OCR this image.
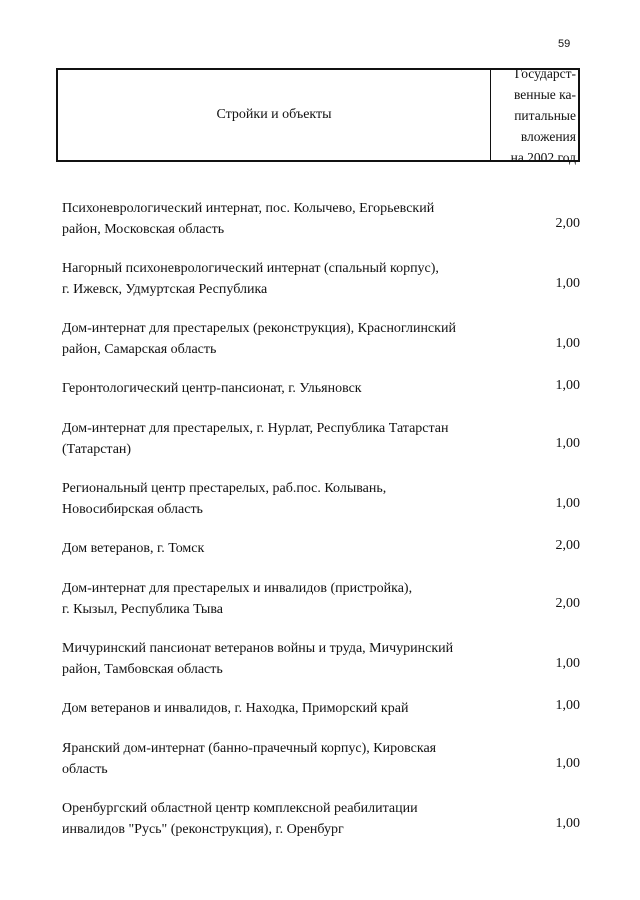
59
Стройки и объекты
Государст-
венные ка-
питальные
вложения
на 2002 год
Психоневрологический интернат, пос. Колычево, Егорьевский
район, Московская область	2,00
Нагорный психоневрологический интернат (спальный корпус),
г. Ижевск, Удмуртская Республика	1,00
Дом-интернат для престарелых (реконструкция), Красноглинский
район, Самарская область	1,00
Геронтологический центр-пансионат, г. Ульяновск	1,00
Дом-интернат для престарелых, г. Нурлат, Республика Татарстан
(Татарстан)	1,00
Региональный центр престарелых, раб.пос. Колывань,
Новосибирская область	1,00
Дом ветеранов, г. Томск	2,00
Дом-интернат для престарелых и инвалидов (пристройка),
г. Кызыл, Республика Тыва	2,00
Мичуринский пансионат ветеранов войны и труда, Мичуринский
район, Тамбовская область	1,00
Дом ветеранов и инвалидов, г. Находка, Приморский край	1,00
Яранский дом-интернат (банно-прачечный корпус), Кировская
область	1,00
Оренбургский областной центр комплексной реабилитации
инвалидов "Русь" (реконструкция), г. Оренбург	1,00
